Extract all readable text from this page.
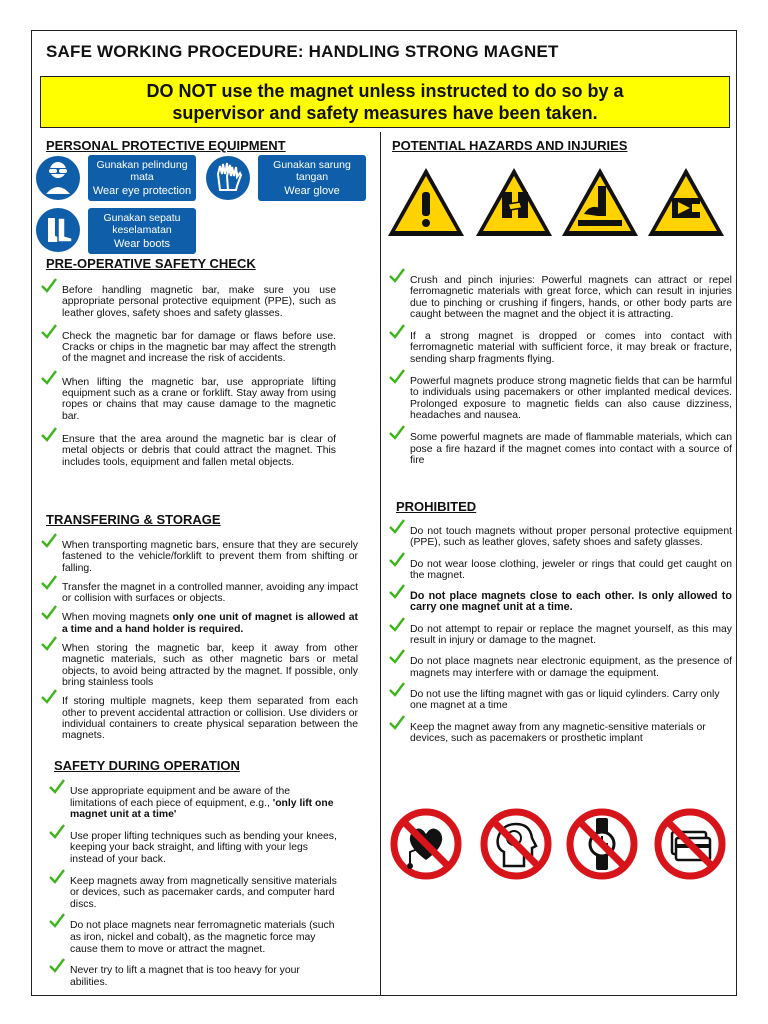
SAFE WORKING PROCEDURE: HANDLING STRONG MAGNET
DO NOT use the magnet unless instructed to do so by a supervisor and safety measures have been taken.
PERSONAL PROTECTIVE EQUIPMENT
Gunakan pelindung mata
Wear eye protection
Gunakan sarung tangan
Wear glove
Gunakan sepatu keselamatan
Wear boots
PRE-OPERATIVE SAFETY CHECK
Before handling magnetic bar, make sure you use appropriate personal protective equipment (PPE), such as leather gloves, safety shoes and safety glasses.
Check the magnetic bar for damage or flaws before use. Cracks or chips in the magnetic bar may affect the strength of the magnet and increase the risk of accidents.
When lifting the magnetic bar, use appropriate lifting equipment such as a crane or forklift. Stay away from using ropes or chains that may cause damage to the magnetic bar.
Ensure that the area around the magnetic bar is clear of metal objects or debris that could attract the magnet. This includes tools, equipment and fallen metal objects.
TRANSFERING & STORAGE
When transporting magnetic bars, ensure that they are securely fastened to the vehicle/forklift to prevent them from shifting or falling.
Transfer the magnet in a controlled manner, avoiding any impact or collision with surfaces or objects.
When moving magnets only one unit of magnet is allowed at a time and a hand holder is required.
When storing the magnetic bar, keep it away from other magnetic materials, such as other magnetic bars or metal objects, to avoid being attracted by the magnet. If possible, only bring stainless tools
If storing multiple magnets, keep them separated from each other to prevent accidental attraction or collision. Use dividers or individual containers to create physical separation between the magnets.
SAFETY DURING OPERATION
Use appropriate equipment and be aware of the limitations of each piece of equipment, e.g., 'only lift one magnet unit at a time'
Use proper lifting techniques such as bending your knees, keeping your back straight, and lifting with your legs instead of your back.
Keep magnets away from magnetically sensitive materials or devices, such as pacemaker cards, and computer hard discs.
Do not place magnets near ferromagnetic materials (such as iron, nickel and cobalt), as the magnetic force may cause them to move or attract the magnet.
Never try to lift a magnet that is too heavy for your abilities.
POTENTIAL HAZARDS AND INJURIES
Crush and pinch injuries: Powerful magnets can attract or repel ferromagnetic materials with great force, which can result in injuries due to pinching or crushing if fingers, hands, or other body parts are caught between the magnet and the object it is attracting.
If a strong magnet is dropped or comes into contact with ferromagnetic material with sufficient force, it may break or fracture, sending sharp fragments flying.
Powerful magnets produce strong magnetic fields that can be harmful to individuals using pacemakers or other implanted medical devices. Prolonged exposure to magnetic fields can also cause dizziness, headaches and nausea.
Some powerful magnets are made of flammable materials, which can pose a fire hazard if the magnet comes into contact with a source of fire
PROHIBITED
Do not touch magnets without proper personal protective equipment (PPE), such as leather gloves, safety shoes and safety glasses.
Do not wear loose clothing, jeweler or rings that could get caught on the magnet.
Do not place magnets close to each other. Is only allowed to carry one magnet unit at a time.
Do not attempt to repair or replace the magnet yourself, as this may result in injury or damage to the magnet.
Do not place magnets near electronic equipment, as the presence of magnets may interfere with or damage the equipment.
Do not use the lifting magnet with gas or liquid cylinders. Carry only one magnet at a time
Keep the magnet away from any magnetic-sensitive materials or devices, such as pacemakers or prosthetic implant
